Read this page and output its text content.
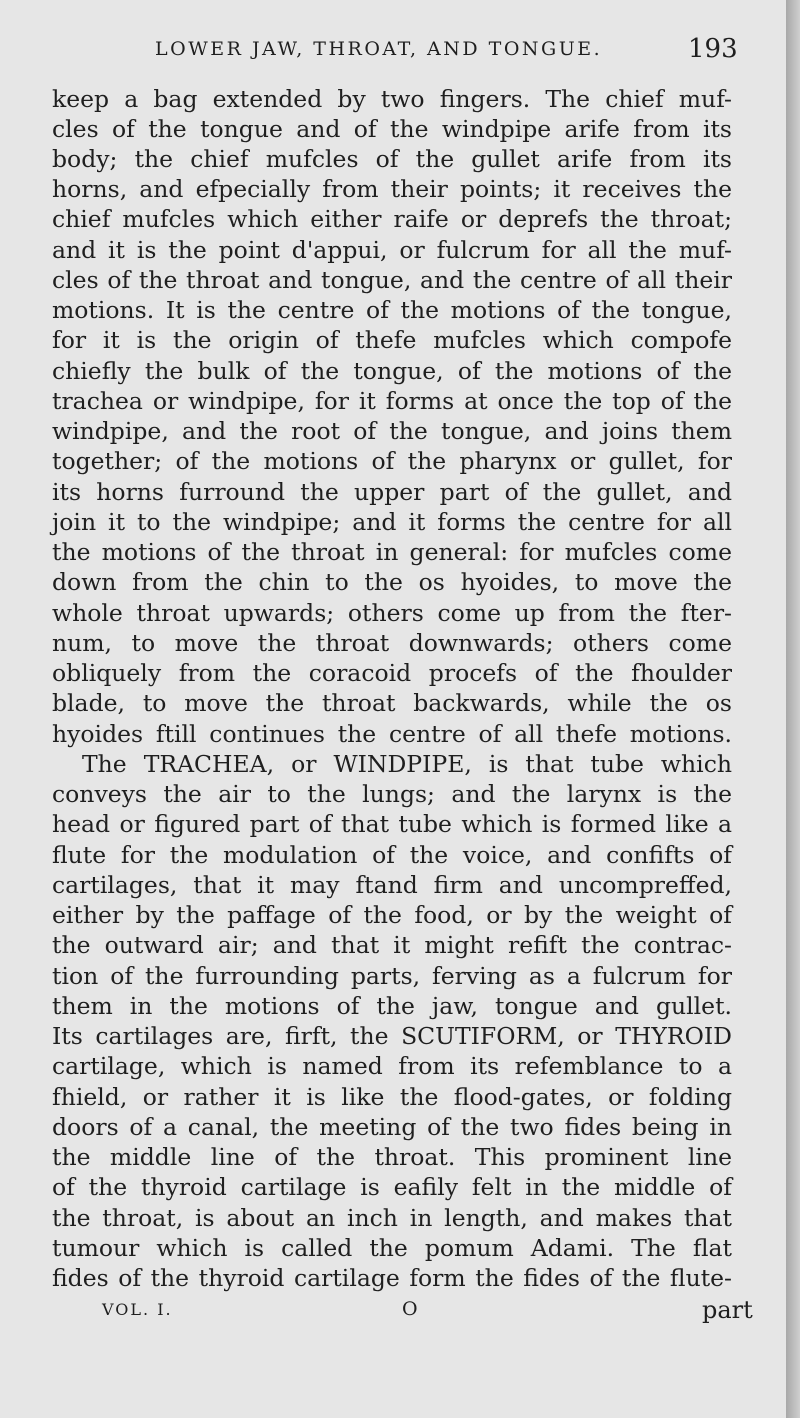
LOWER JAW, THROAT, AND TONGUE.	193
keep a bag extended by two fingers. The chief muf-
cles of the tongue and of the windpipe arife from its
body; the chief mufcles of the gullet arife from its
horns, and efpecially from their points; it receives the
chief mufcles which either raife or deprefs the throat;
and it is the point d'appui, or fulcrum for all the muf-
cles of the throat and tongue, and the centre of all their
motions. It is the centre of the motions of the tongue,
for it is the origin of thefe mufcles which compofe
chiefly the bulk of the tongue, of the motions of the
trachea or windpipe, for it forms at once the top of the
windpipe, and the root of the tongue, and joins them
together; of the motions of the pharynx or gullet, for
its horns furround the upper part of the gullet, and
join it to the windpipe; and it forms the centre for all
the motions of the throat in general: for mufcles come
down from the chin to the os hyoides, to move the
whole throat upwards; others come up from the fter-
num, to move the throat downwards; others come
obliquely from the coracoid procefs of the fhoulder
blade, to move the throat backwards, while the os
hyoides ftill continues the centre of all thefe motions.
The TRACHEA, or WINDPIPE, is that tube which
conveys the air to the lungs; and the larynx is the
head or figured part of that tube which is formed like a
flute for the modulation of the voice, and confifts of
cartilages, that it may ftand firm and uncompreffed,
either by the paffage of the food, or by the weight of
the outward air; and that it might refift the contrac-
tion of the furrounding parts, ferving as a fulcrum for
them in the motions of the jaw, tongue and gullet.
Its cartilages are, firft, the SCUTIFORM, or THYROID
cartilage, which is named from its refemblance to a
fhield, or rather it is like the flood-gates, or folding
doors of a canal, the meeting of the two fides being in
the middle line of the throat. This prominent line
of the thyroid cartilage is eafily felt in the middle of
the throat, is about an inch in length, and makes that
tumour which is called the pomum Adami. The flat
fides of the thyroid cartilage form the fides of the flute-
VOL. I.	O	part
